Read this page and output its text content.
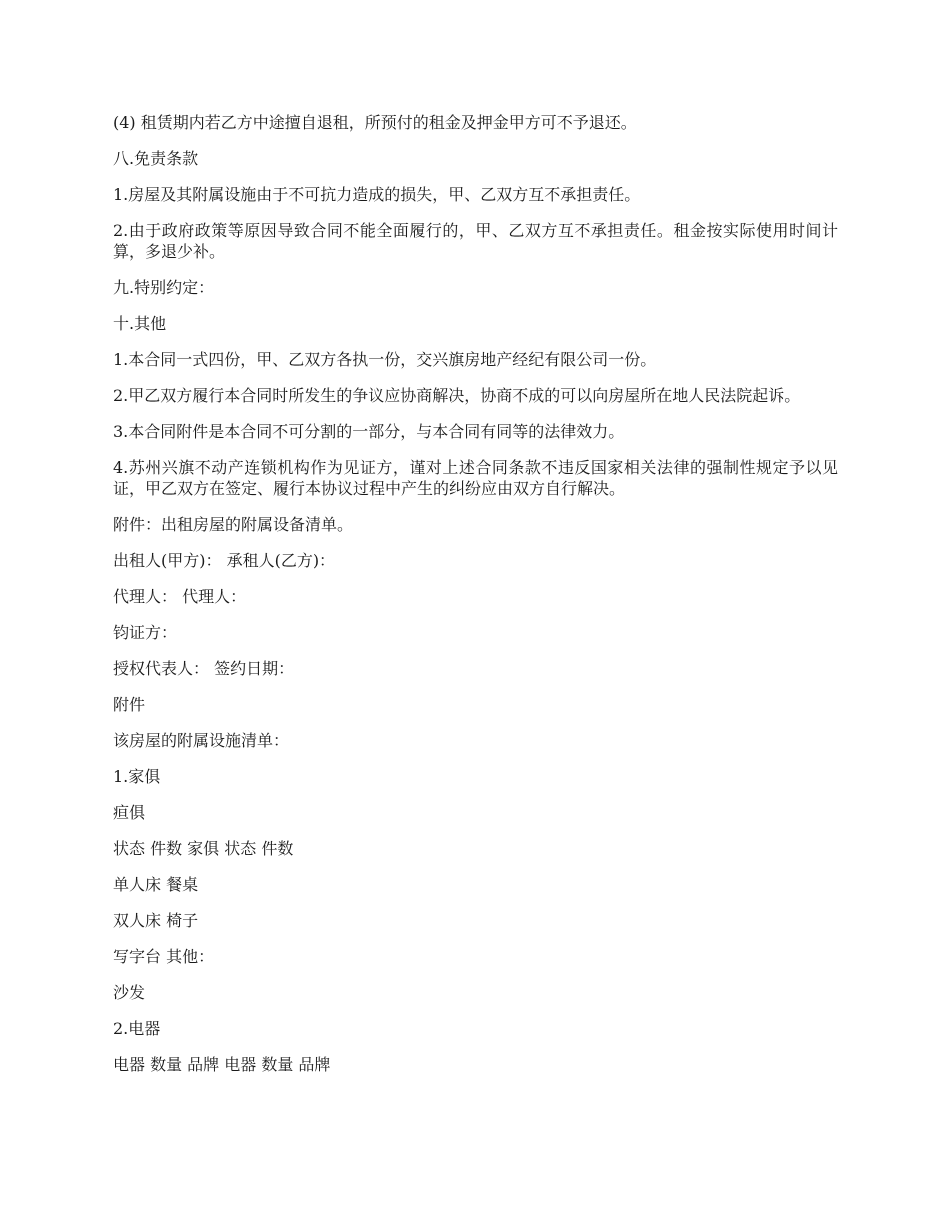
(4) 租赁期内若乙方中途擅自退租，所预付的租金及押金甲方可不予退还。

八.免责条款

1.房屋及其附属设施由于不可抗力造成的损失，甲、乙双方互不承担责任。

2.由于政府政策等原因导致合同不能全面履行的，甲、乙双方互不承担责任。租金按实际使用时间计算，多退少补。

九.特别约定：

十.其他

1.本合同一式四份，甲、乙双方各执一份，交兴旗房地产经纪有限公司一份。

2.甲乙双方履行本合同时所发生的争议应协商解决，协商不成的可以向房屋所在地人民法院起诉。

3.本合同附件是本合同不可分割的一部分，与本合同有同等的法律效力。

4.苏州兴旗不动产连锁机构作为见证方，谨对上述合同条款不违反国家相关法律的强制性规定予以见证，甲乙双方在签定、履行本协议过程中产生的纠纷应由双方自行解决。

附件：出租房屋的附属设备清单。

出租人(甲方)： 承租人(乙方)：

代理人： 代理人：

钧证方：

授权代表人： 签约日期：

附件

该房屋的附属设施清单：

1.家俱

疸俱

状态 件数 家俱 状态 件数

单人床 餐桌

双人床 椅子

写字台 其他：

沙发

2.电器

电器 数量 品牌 电器 数量 品牌
